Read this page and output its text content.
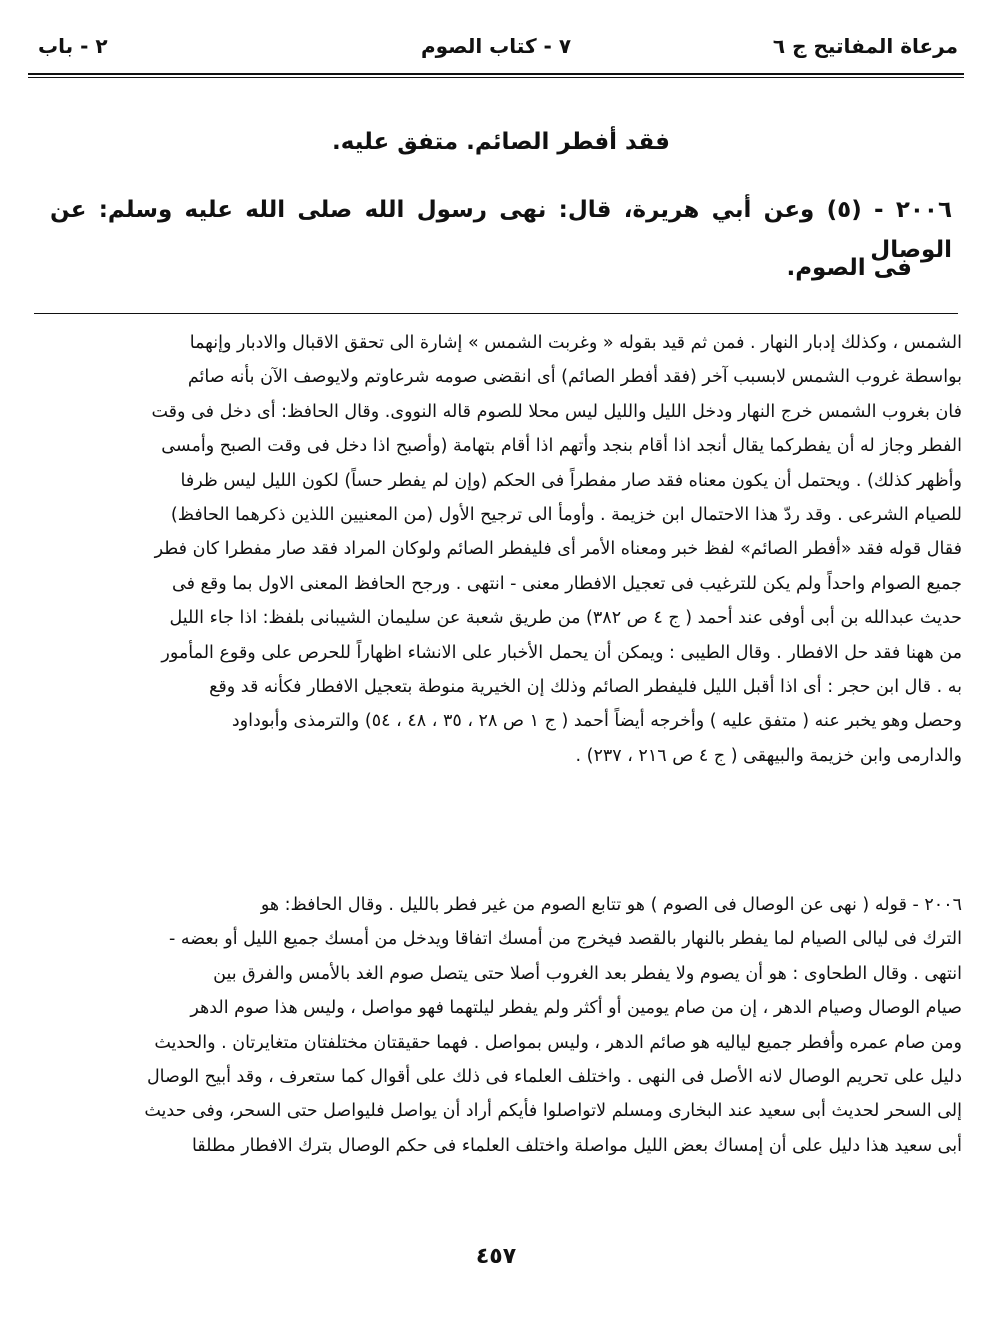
مرعاة المفاتيح ج ٦
٧ - كتاب الصوم
٢ - باب
فقد أفطر الصائم. متفق عليه.
٢٠٠٦ - (٥) وعن أبي هريرة، قال: نهى رسول الله صلى الله عليه وسلم: عن الوصال
فى الصوم.

الشمس ، وكذلك إدبار النهار . فمن ثم قيد بقوله « وغربت الشمس » إشارة الى تحقق الاقبال والادبار وإنهما

بواسطة غروب الشمس لابسبب آخر (فقد أفطر الصائم) أى انقضى صومه شرعاوتم ولايوصف الآن بأنه صائم

فان بغروب الشمس خرج النهار ودخل الليل والليل ليس محلا للصوم قاله النووى. وقال الحافظ: أى دخل فى وقت

الفطر وجاز له أن يفطركما يقال أنجد اذا أقام بنجد وأتهم اذا أقام بتهامة (وأصبح اذا دخل فى وقت الصبح وأمسى

وأظهر كذلك) . ويحتمل أن يكون معناه فقد صار مفطراً فى الحكم (وإن لم يفطر حساً) لكون الليل ليس ظرفا

للصيام الشرعى . وقد ردّ هذا الاحتمال ابن خزيمة . وأومأ الى ترجيح الأول (من المعنيين اللذين ذكرهما الحافظ)

فقال قوله فقد «أفطر الصائم» لفظ خبر ومعناه الأمر أى فليفطر الصائم ولوكان المراد فقد صار مفطرا كان فطر

جميع الصوام واحداً ولم يكن للترغيب فى تعجيل الافطار معنى - انتهى . ورجح الحافظ المعنى الاول بما وقع فى

حديث عبدالله بن أبى أوفى عند أحمد ( ج ٤ ص ٣٨٢) من طريق شعبة عن سليمان الشيبانى بلفظ: اذا جاء الليل

من ههنا فقد حل الافطار . وقال الطيبى : ويمكن أن يحمل الأخبار على الانشاء اظهاراً للحرص على وقوع المأمور

به . قال ابن حجر : أى اذا أقبل الليل فليفطر الصائم وذلك إن الخيرية منوطة بتعجيل الافطار فكأنه قد وقع

وحصل وهو يخبر عنه ( متفق عليه ) وأخرجه أيضاً أحمد ( ج ١ ص ٢٨ ، ٣٥ ، ٤٨ ، ٥٤) والترمذى وأبوداود

والدارمى وابن خزيمة والبيهقى ( ج ٤ ص ٢١٦ ، ٢٣٧) .

٢٠٠٦ - قوله ( نهى عن الوصال فى الصوم ) هو تتابع الصوم من غير فطر بالليل . وقال الحافظ: هو

الترك فى ليالى الصيام لما يفطر بالنهار بالقصد فيخرج من أمسك اتفاقا ويدخل من أمسك جميع الليل أو بعضه -

انتهى . وقال الطحاوى : هو أن يصوم ولا يفطر بعد الغروب أصلا حتى يتصل صوم الغد بالأمس والفرق بين

صيام الوصال وصيام الدهر ، إن من صام يومين أو أكثر ولم يفطر ليلتهما فهو مواصل ، وليس هذا صوم الدهر

ومن صام عمره وأفطر جميع لياليه هو صائم الدهر ، وليس بمواصل . فهما حقيقتان مختلفتان متغايرتان . والحديث

دليل على تحريم الوصال لانه الأصل فى النهى . واختلف العلماء فى ذلك على أقوال كما ستعرف ، وقد أبيح الوصال

إلى السحر لحديث أبى سعيد عند البخارى ومسلم لاتواصلوا فأيكم أراد أن يواصل فليواصل حتى السحر، وفى حديث

أبى سعيد هذا دليل على أن إمساك بعض الليل مواصلة واختلف العلماء فى حكم الوصال بترك الافطار مطلقا

٤٥٧
